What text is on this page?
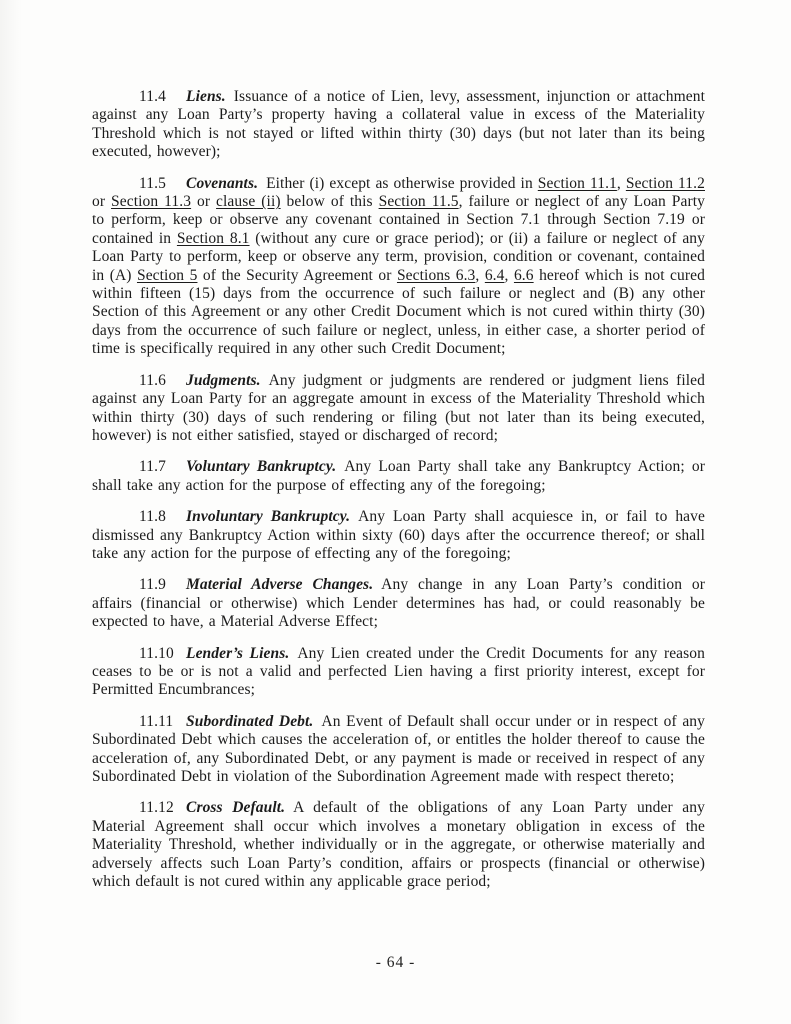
11.4 Liens. Issuance of a notice of Lien, levy, assessment, injunction or attachment against any Loan Party’s property having a collateral value in excess of the Materiality Threshold which is not stayed or lifted within thirty (30) days (but not later than its being executed, however);

11.5 Covenants. Either (i) except as otherwise provided in Section 11.1, Section 11.2 or Section 11.3 or clause (ii) below of this Section 11.5, failure or neglect of any Loan Party to perform, keep or observe any covenant contained in Section 7.1 through Section 7.19 or contained in Section 8.1 (without any cure or grace period); or (ii) a failure or neglect of any Loan Party to perform, keep or observe any term, provision, condition or covenant, contained in (A) Section 5 of the Security Agreement or Sections 6.3, 6.4, 6.6 hereof which is not cured within fifteen (15) days from the occurrence of such failure or neglect and (B) any other Section of this Agreement or any other Credit Document which is not cured within thirty (30) days from the occurrence of such failure or neglect, unless, in either case, a shorter period of time is specifically required in any other such Credit Document;

11.6 Judgments. Any judgment or judgments are rendered or judgment liens filed against any Loan Party for an aggregate amount in excess of the Materiality Threshold which within thirty (30) days of such rendering or filing (but not later than its being executed, however) is not either satisfied, stayed or discharged of record;

11.7 Voluntary Bankruptcy. Any Loan Party shall take any Bankruptcy Action; or shall take any action for the purpose of effecting any of the foregoing;

11.8 Involuntary Bankruptcy. Any Loan Party shall acquiesce in, or fail to have dismissed any Bankruptcy Action within sixty (60) days after the occurrence thereof; or shall take any action for the purpose of effecting any of the foregoing;

11.9 Material Adverse Changes. Any change in any Loan Party’s condition or affairs (financial or otherwise) which Lender determines has had, or could reasonably be expected to have, a Material Adverse Effect;

11.10 Lender’s Liens. Any Lien created under the Credit Documents for any reason ceases to be or is not a valid and perfected Lien having a first priority interest, except for Permitted Encumbrances;

11.11 Subordinated Debt. An Event of Default shall occur under or in respect of any Subordinated Debt which causes the acceleration of, or entitles the holder thereof to cause the acceleration of, any Subordinated Debt, or any payment is made or received in respect of any Subordinated Debt in violation of the Subordination Agreement made with respect thereto;

11.12 Cross Default. A default of the obligations of any Loan Party under any Material Agreement shall occur which involves a monetary obligation in excess of the Materiality Threshold, whether individually or in the aggregate, or otherwise materially and adversely affects such Loan Party’s condition, affairs or prospects (financial or otherwise) which default is not cured within any applicable grace period;

- 64 -
